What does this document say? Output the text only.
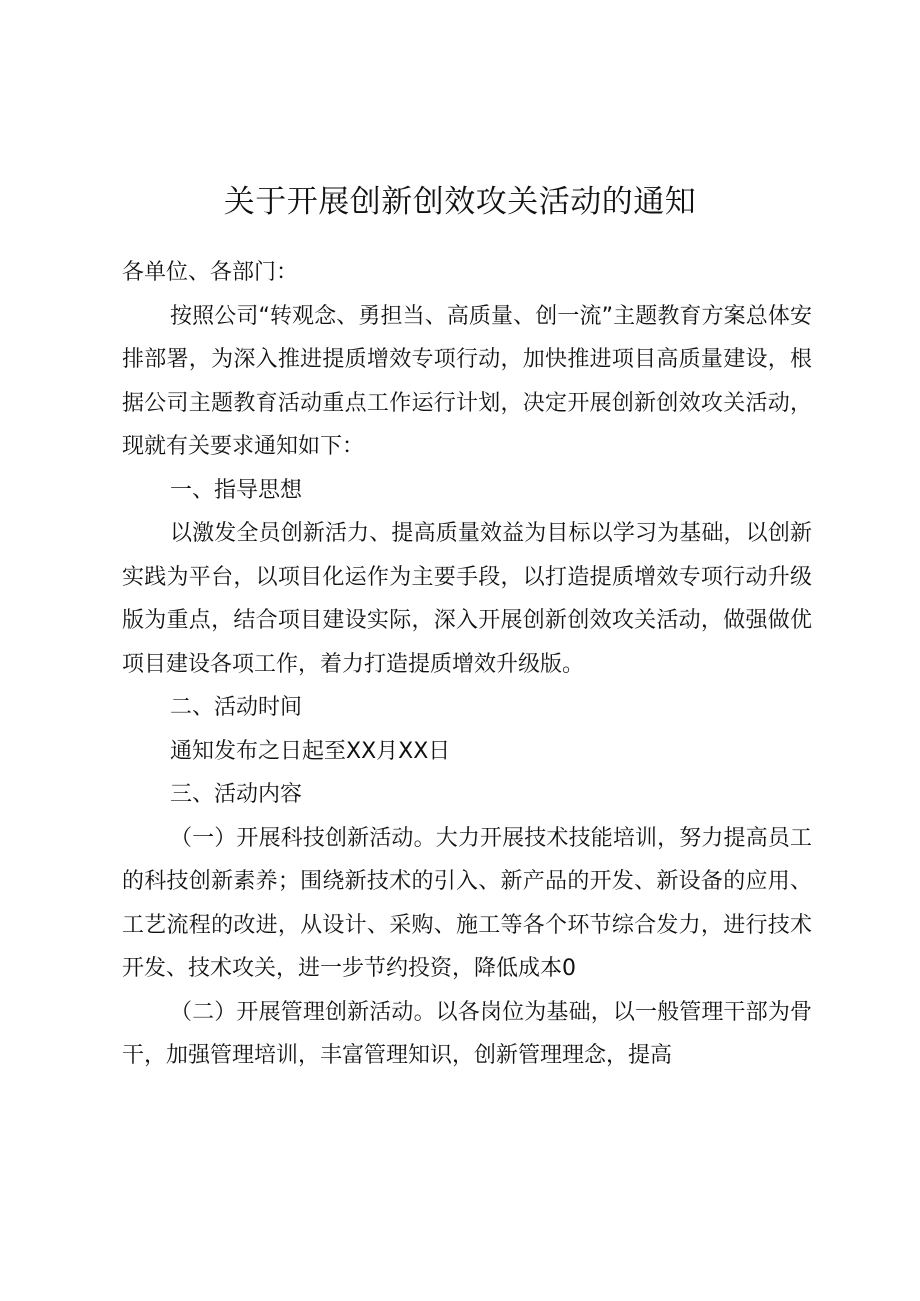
关于开展创新创效攻关活动的通知

各单位、各部门：

按照公司“转观念、勇担当、高质量、创一流”主题教育方案总体安排部署，为深入推进提质增效专项行动，加快推进项目高质量建设，根据公司主题教育活动重点工作运行计划，决定开展创新创效攻关活动，现就有关要求通知如下：

一、指导思想

以激发全员创新活力、提高质量效益为目标以学习为基础，以创新实践为平台，以项目化运作为主要手段，以打造提质增效专项行动升级版为重点，结合项目建设实际，深入开展创新创效攻关活动，做强做优项目建设各项工作，着力打造提质增效升级版。

二、活动时间

通知发布之日起至XX月XX日

三、活动内容

（一）开展科技创新活动。大力开展技术技能培训，努力提高员工的科技创新素养；围绕新技术的引入、新产品的开发、新设备的应用、工艺流程的改进，从设计、采购、施工等各个环节综合发力，进行技术开发、技术攻关，进一步节约投资，降低成本0

（二）开展管理创新活动。以各岗位为基础，以一般管理干部为骨干，加强管理培训，丰富管理知识，创新管理理念，提高
